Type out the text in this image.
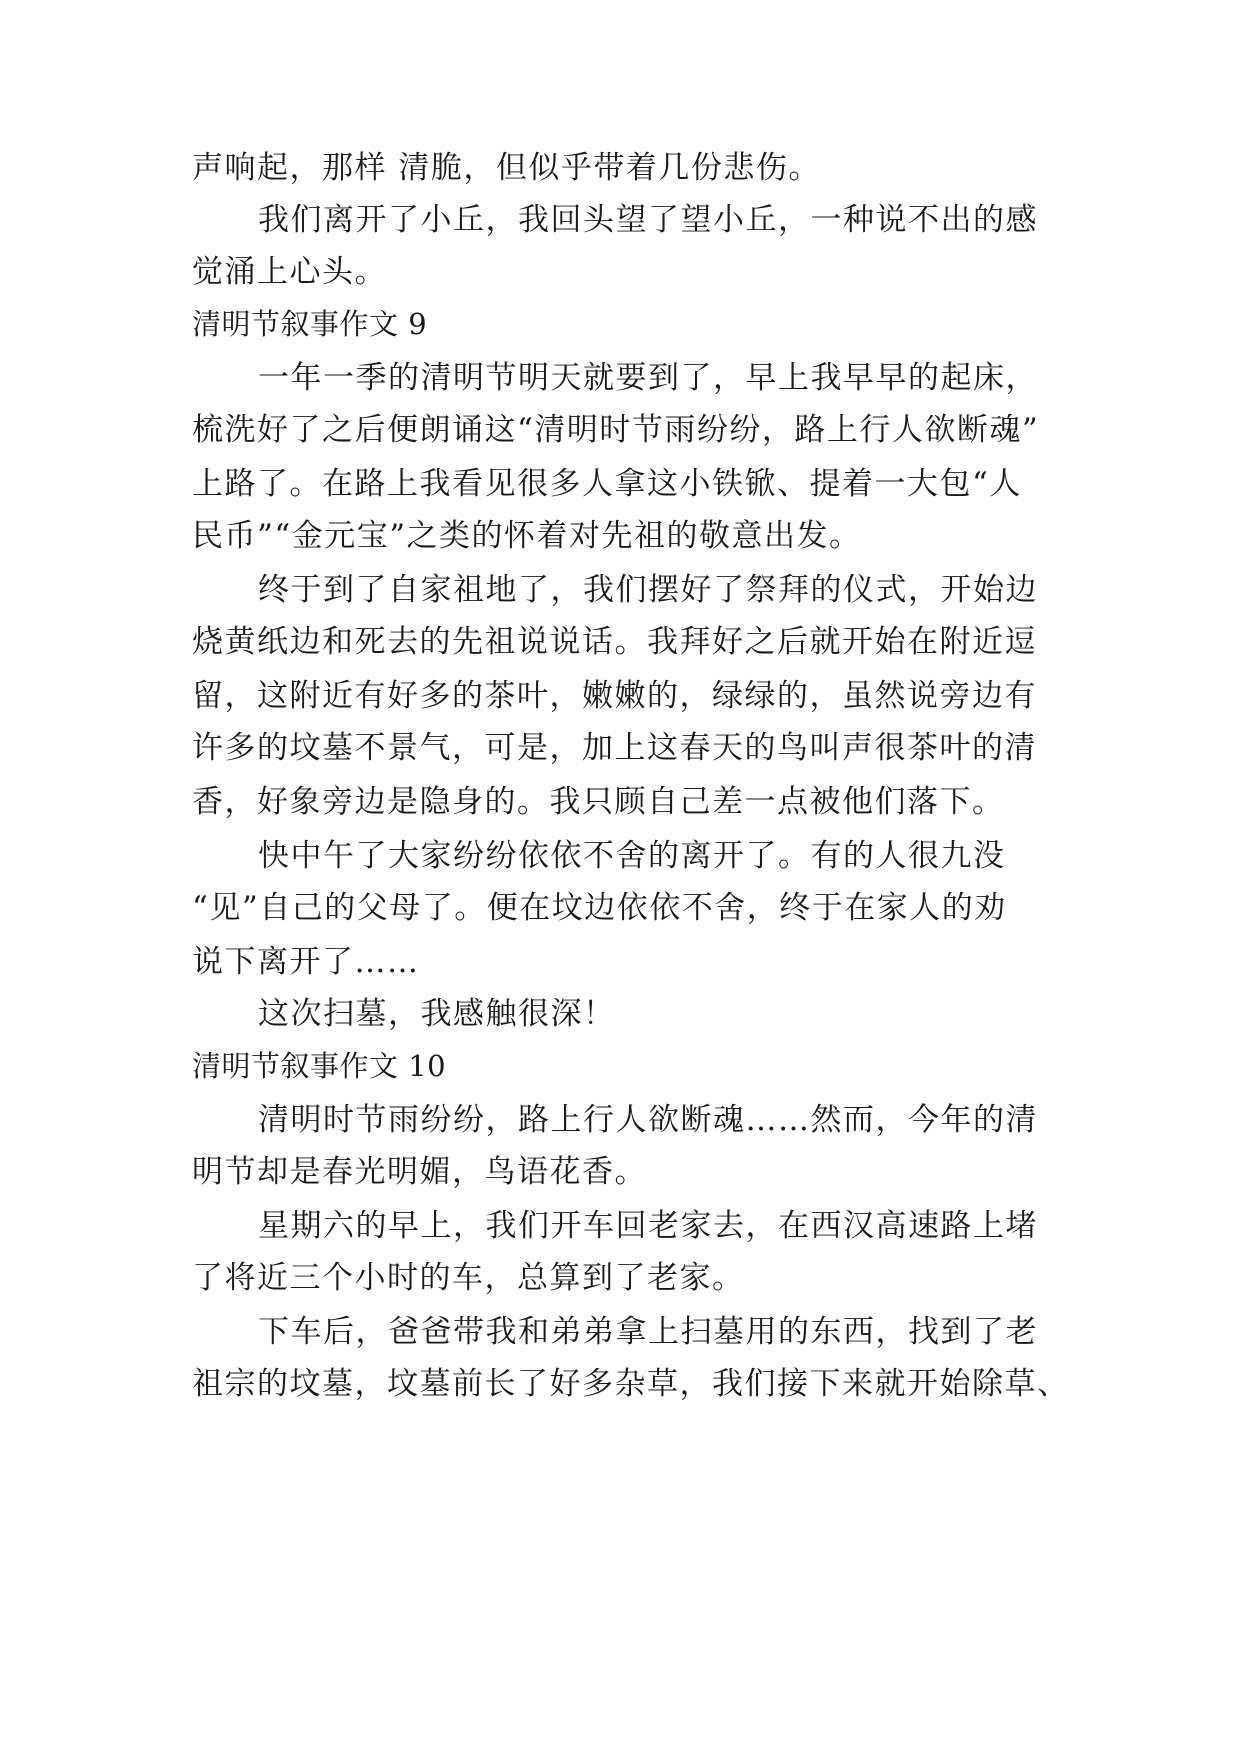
声响起，那样 清脆，但似乎带着几份悲伤。
我们离开了小丘，我回头望了望小丘，一种说不出的感
觉涌上心头。
清明节叙事作文 9
一年一季的清明节明天就要到了，早上我早早的起床，
梳洗好了之后便朗诵这“清明时节雨纷纷，路上行人欲断魂”
上路了。在路上我看见很多人拿这小铁锨、提着一大包“人
民币”“金元宝”之类的怀着对先祖的敬意出发。
终于到了自家祖地了，我们摆好了祭拜的仪式，开始边
烧黄纸边和死去的先祖说说话。我拜好之后就开始在附近逗
留，这附近有好多的茶叶，嫩嫩的，绿绿的，虽然说旁边有
许多的坟墓不景气，可是，加上这春天的鸟叫声很茶叶的清
香，好象旁边是隐身的。我只顾自己差一点被他们落下。
快中午了大家纷纷依依不舍的离开了。有的人很九没
“见”自己的父母了。便在坟边依依不舍，终于在家人的劝
说下离开了……
这次扫墓，我感触很深！
清明节叙事作文 10
清明时节雨纷纷，路上行人欲断魂……然而，今年的清
明节却是春光明媚，鸟语花香。
星期六的早上，我们开车回老家去，在西汉高速路上堵
了将近三个小时的车，总算到了老家。
下车后，爸爸带我和弟弟拿上扫墓用的东西，找到了老
祖宗的坟墓，坟墓前长了好多杂草，我们接下来就开始除草、
